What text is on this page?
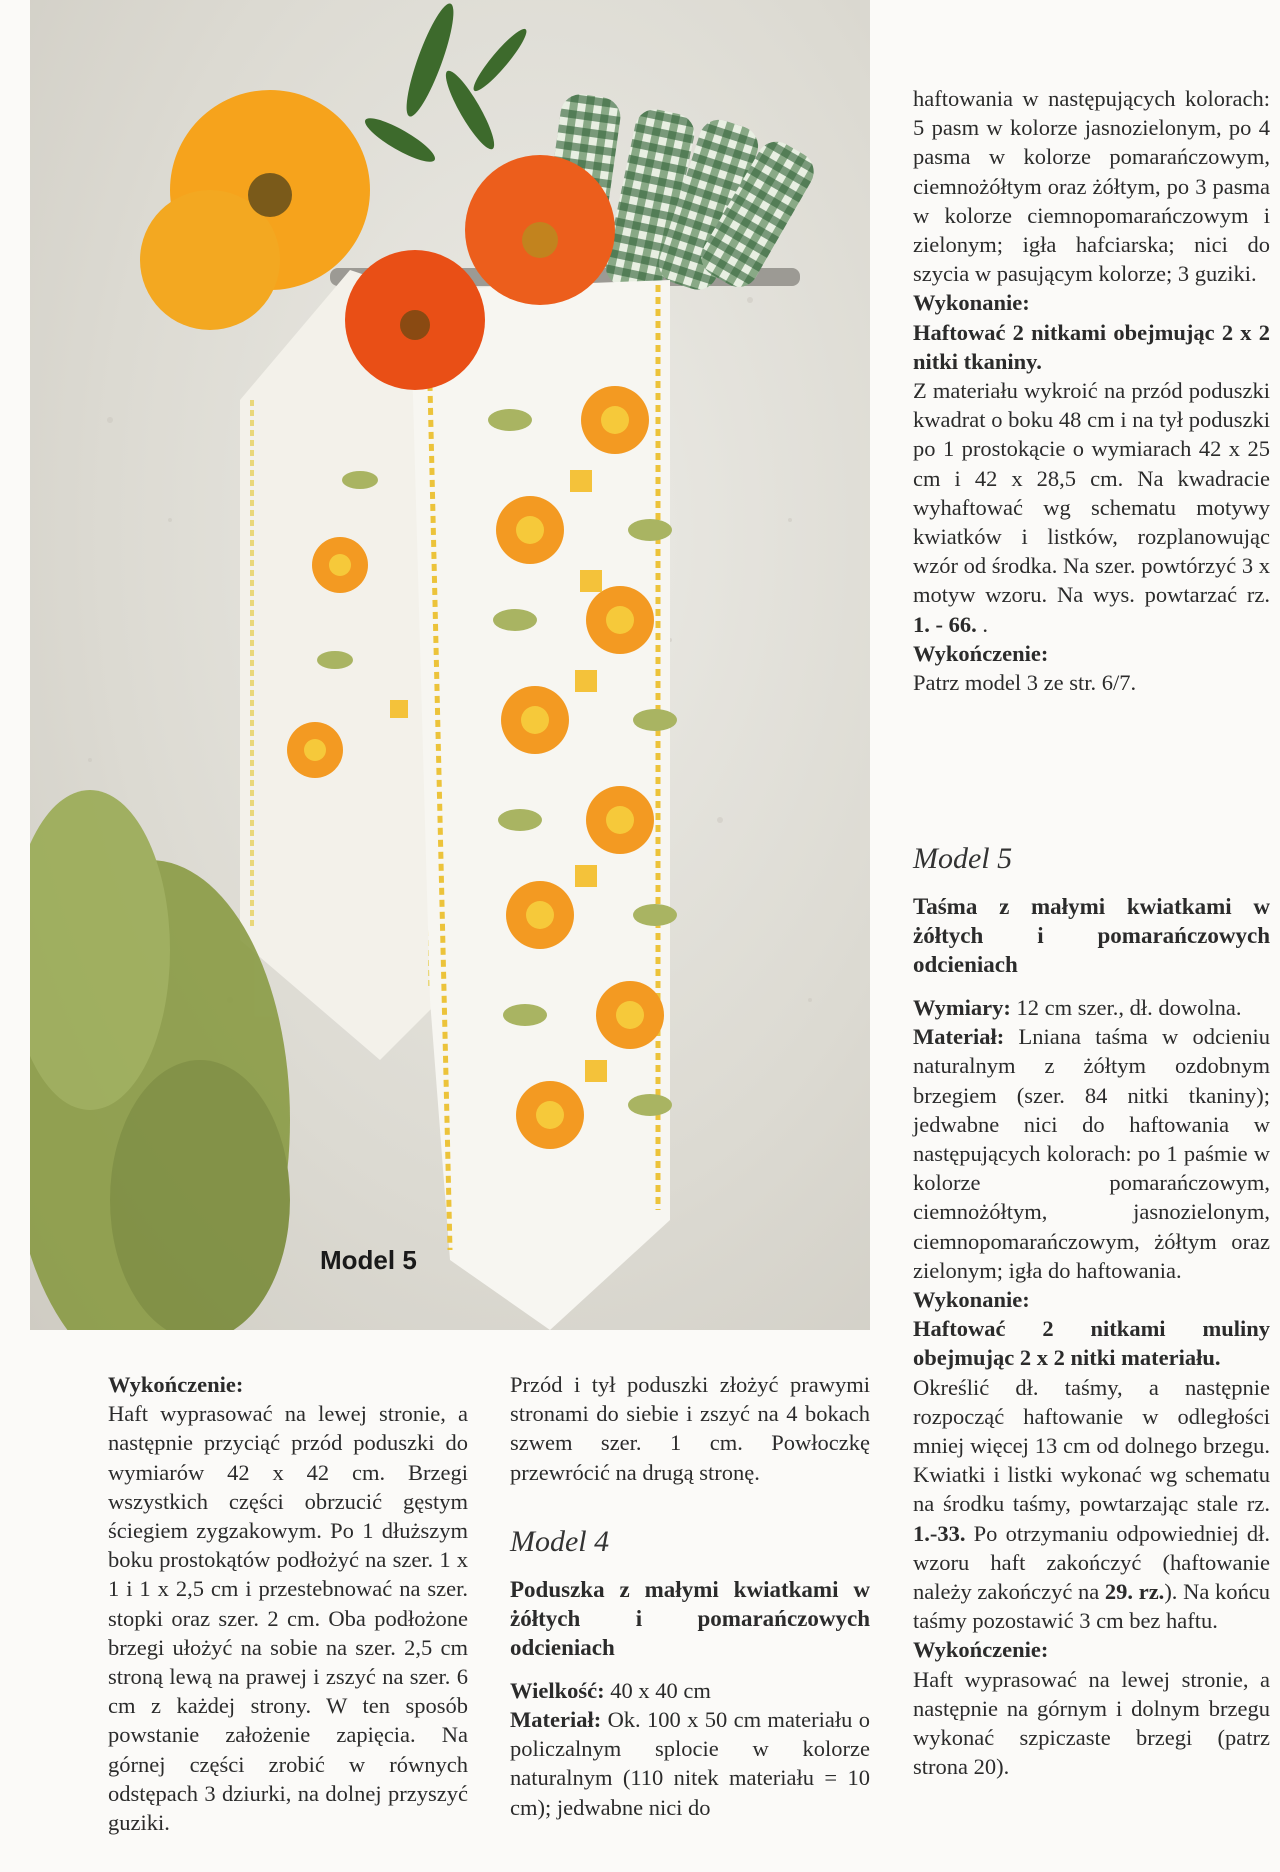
Model 5

haftowania w następujących kolorach: 5 pasm w kolorze jasnozielonym, po 4 pasma w kolorze pomarańczowym, ciemnożółtym oraz żółtym, po 3 pasma w kolorze ciemnopomarańczowym i zielonym; igła hafciarska; nici do szycia w pasującym kolorze; 3 guziki.

Wykonanie:

Haftować 2 nitkami obejmując 2 x 2 nitki tkaniny.

Z materiału wykroić na przód poduszki kwadrat o boku 48 cm i na tył poduszki po 1 prostokącie o wymiarach 42 x 25 cm i 42 x 28,5 cm. Na kwadracie wyhaftować wg schematu motywy kwiatków i listków, rozplanowując wzór od środka. Na szer. powtórzyć 3 x motyw wzoru. Na wys. powtarzać rz. 1. - 66. .

Wykończenie:

Patrz model 3 ze str. 6/7.

Model 5

Taśma z małymi kwiatkami w żółtych i pomarańczowych odcieniach

Wymiary: 12 cm szer., dł. dowolna.

Materiał: Lniana taśma w odcieniu naturalnym z żółtym ozdobnym brzegiem (szer. 84 nitki tkaniny); jedwabne nici do haftowania w następujących kolorach: po 1 paśmie w kolorze pomarańczowym, ciemnożółtym, jasnozielonym, ciemnopomarańczowym, żółtym oraz zielonym; igła do haftowania.

Wykonanie:

Haftować 2 nitkami muliny obejmując 2 x 2 nitki materiału.

Określić dł. taśmy, a następnie rozpocząć haftowanie w odległości mniej więcej 13 cm od dolnego brzegu. Kwiatki i listki wykonać wg schematu na środku taśmy, powtarzając stale rz. 1.-33. Po otrzymaniu odpowiedniej dł. wzoru haft zakończyć (haftowanie należy zakończyć na 29. rz.). Na końcu taśmy pozostawić 3 cm bez haftu.

Wykończenie:

Haft wyprasować na lewej stronie, a następnie na górnym i dolnym brzegu wykonać szpiczaste brzegi (patrz strona 20).

Wykończenie:

Haft wyprasować na lewej stronie, a następnie przyciąć przód poduszki do wymiarów 42 x 42 cm. Brzegi wszystkich części obrzucić gęstym ściegiem zygzakowym. Po 1 dłuższym boku prostokątów podłożyć na szer. 1 x 1 i 1 x 2,5 cm i przestebnować na szer. stopki oraz szer. 2 cm. Oba podłożone brzegi ułożyć na sobie na szer. 2,5 cm stroną lewą na prawej i zszyć na szer. 6 cm z każdej strony. W ten sposób powstanie założenie zapięcia. Na górnej części zrobić w równych odstępach 3 dziurki, na dolnej przyszyć guziki.

Przód i tył poduszki złożyć prawymi stronami do siebie i zszyć na 4 bokach szwem szer. 1 cm. Powłoczkę przewrócić na drugą stronę.

Model 4

Poduszka z małymi kwiatkami w żółtych i pomarańczowych odcieniach

Wielkość: 40 x 40 cm

Materiał: Ok. 100 x 50 cm materiału o policzalnym splocie w kolorze naturalnym (110 nitek materiału = 10 cm); jedwabne nici do
